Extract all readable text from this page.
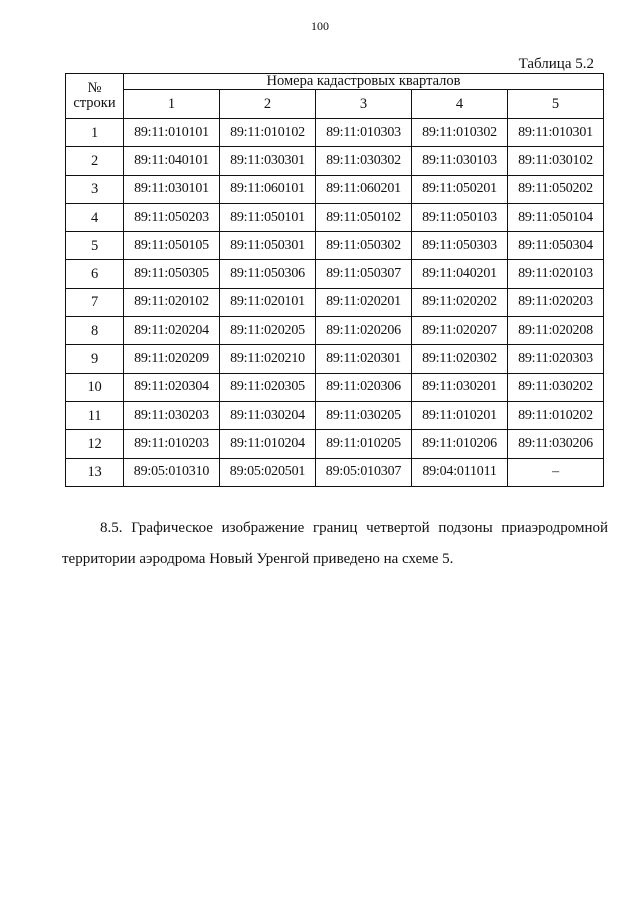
100
Таблица 5.2
№
строки	Номера кадастровых кварталов				
	1	2	3	4	5
1	89:11:010101	89:11:010102	89:11:010303	89:11:010302	89:11:010301
2	89:11:040101	89:11:030301	89:11:030302	89:11:030103	89:11:030102
3	89:11:030101	89:11:060101	89:11:060201	89:11:050201	89:11:050202
4	89:11:050203	89:11:050101	89:11:050102	89:11:050103	89:11:050104
5	89:11:050105	89:11:050301	89:11:050302	89:11:050303	89:11:050304
6	89:11:050305	89:11:050306	89:11:050307	89:11:040201	89:11:020103
7	89:11:020102	89:11:020101	89:11:020201	89:11:020202	89:11:020203
8	89:11:020204	89:11:020205	89:11:020206	89:11:020207	89:11:020208
9	89:11:020209	89:11:020210	89:11:020301	89:11:020302	89:11:020303
10	89:11:020304	89:11:020305	89:11:020306	89:11:030201	89:11:030202
11	89:11:030203	89:11:030204	89:11:030205	89:11:010201	89:11:010202
12	89:11:010203	89:11:010204	89:11:010205	89:11:010206	89:11:030206
13	89:05:010310	89:05:020501	89:05:010307	89:04:011011	–
8.5. Графическое изображение границ четвертой подзоны приаэродромной территории аэродрома Новый Уренгой приведено на схеме 5.
